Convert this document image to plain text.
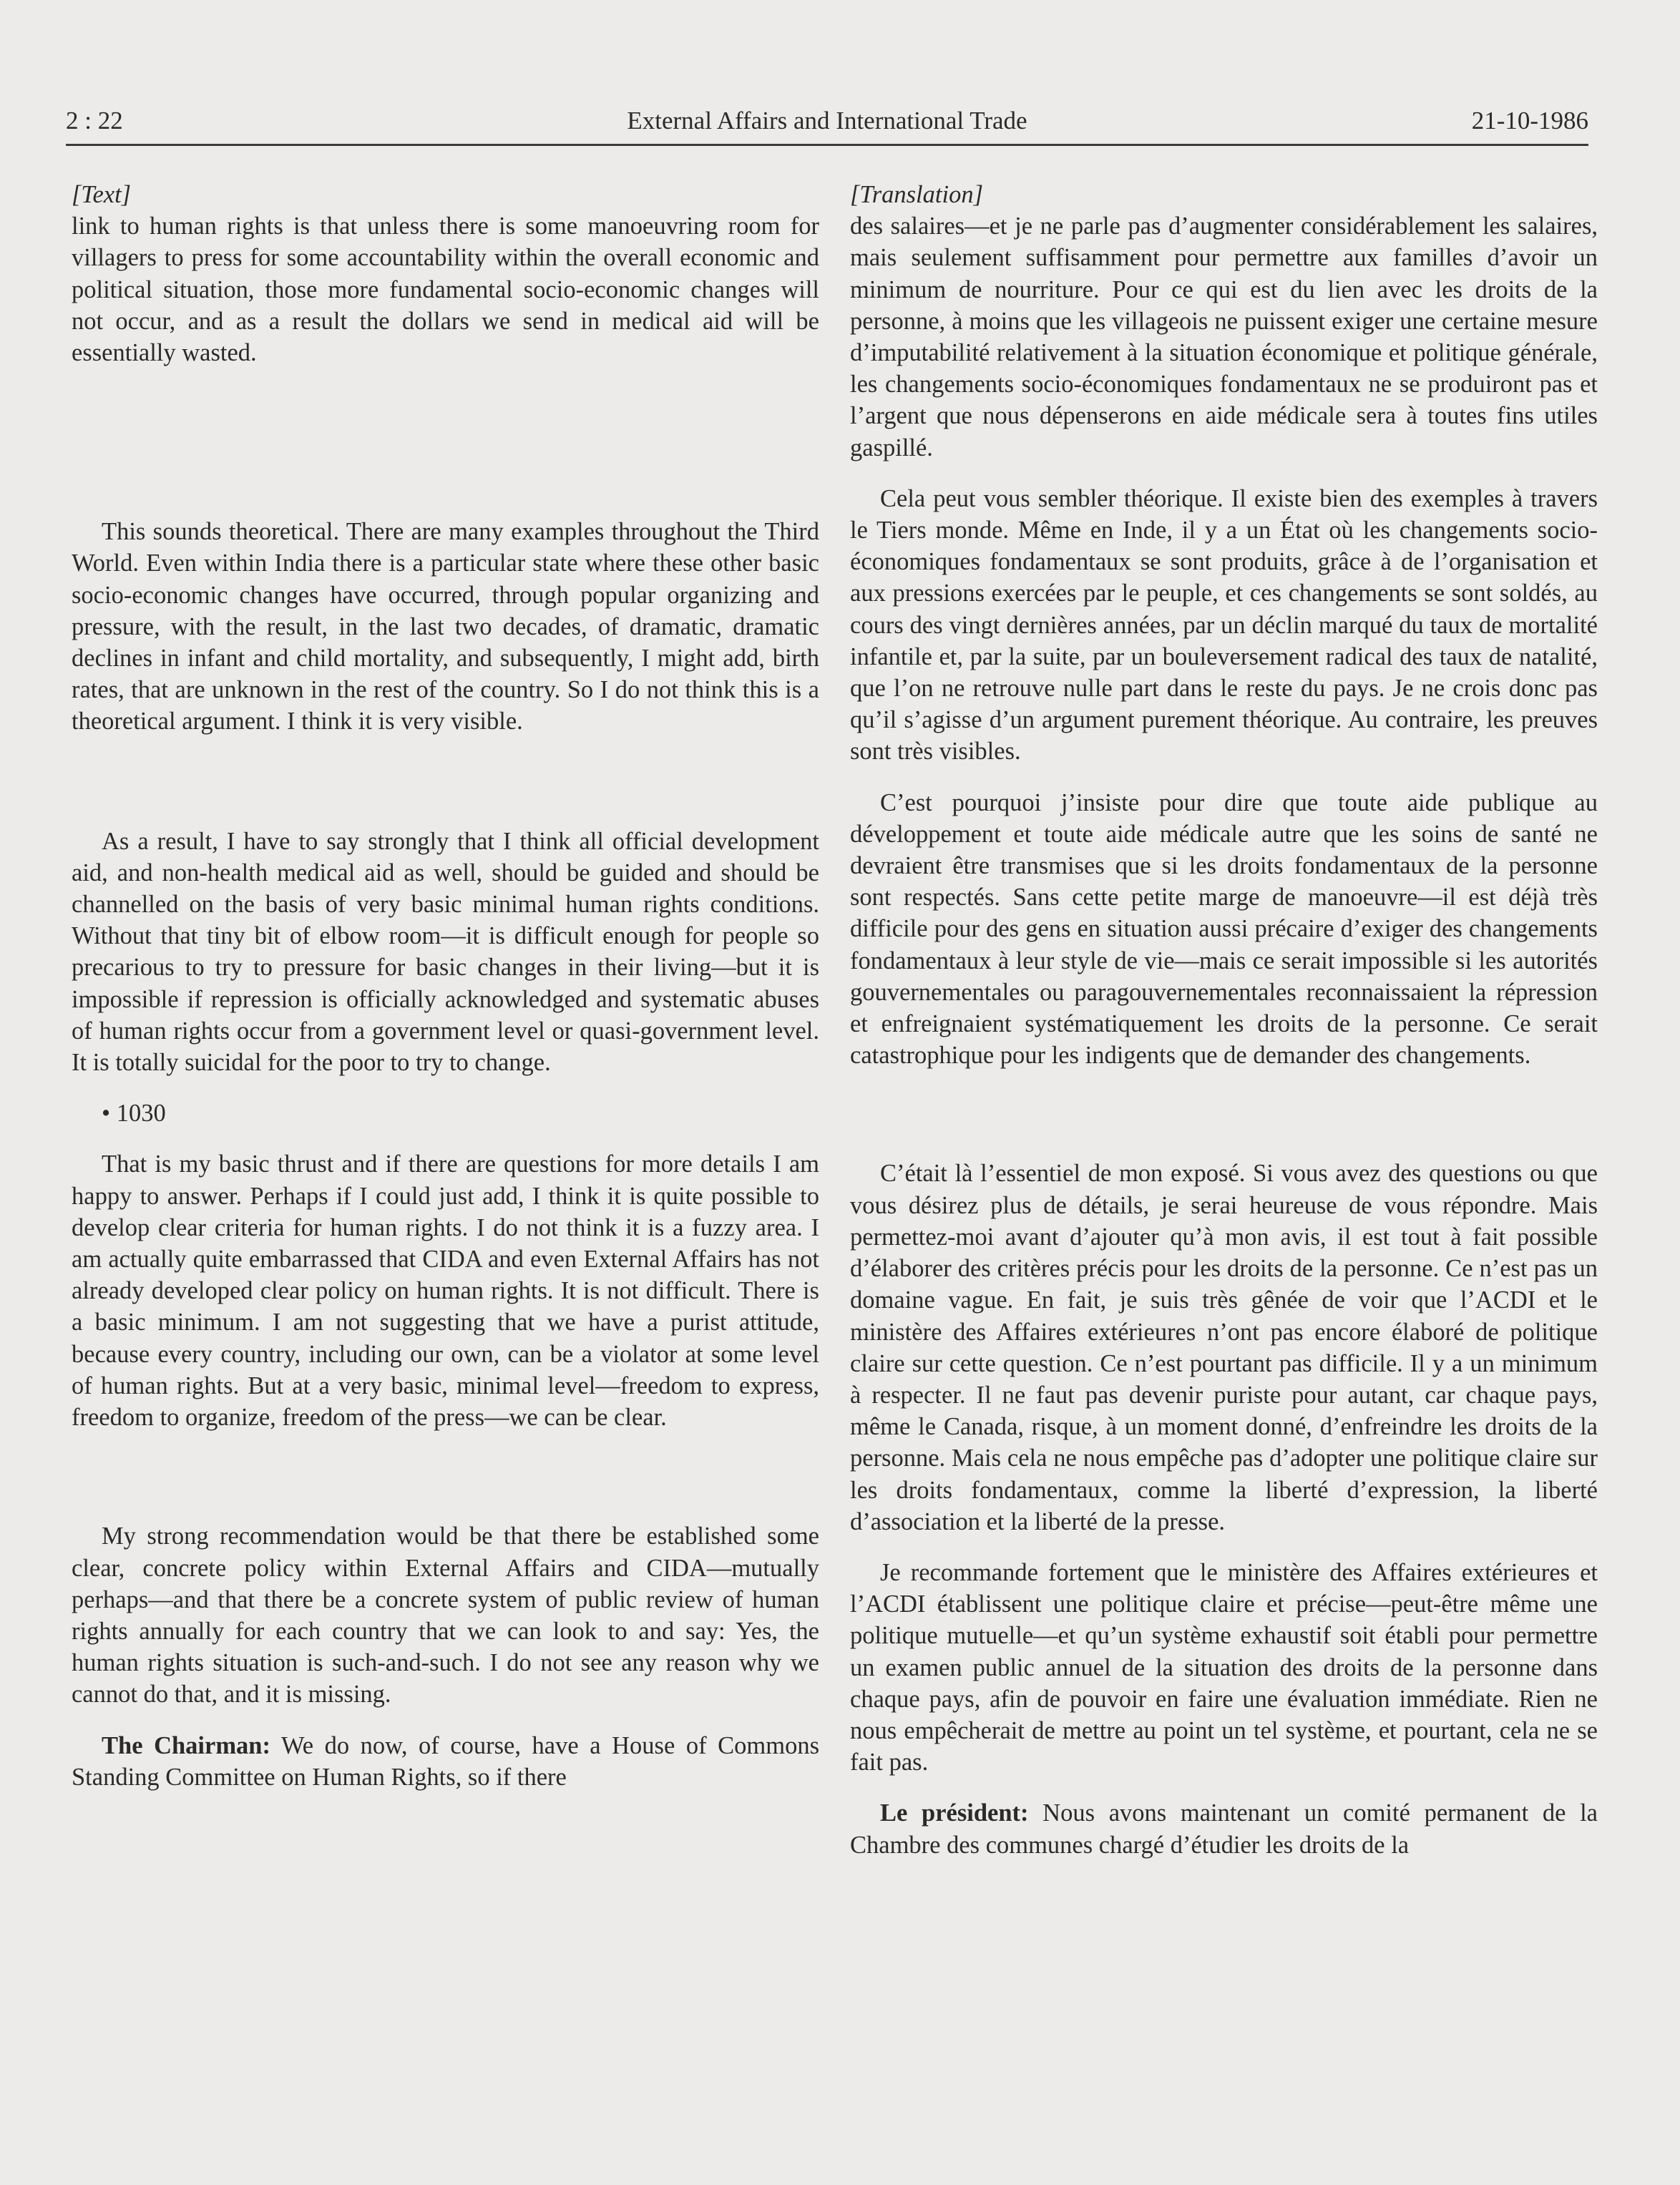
2 : 22	External Affairs and International Trade	21-10-1986
[Text]

link to human rights is that unless there is some manoeuvring room for villagers to press for some accountability within the overall economic and political situation, those more fundamental socio-economic changes will not occur, and as a result the dollars we send in medical aid will be essentially wasted.

This sounds theoretical. There are many examples throughout the Third World. Even within India there is a particular state where these other basic socio-economic changes have occurred, through popular organizing and pressure, with the result, in the last two decades, of dramatic, dramatic declines in infant and child mortality, and subsequently, I might add, birth rates, that are unknown in the rest of the country. So I do not think this is a theoretical argument. I think it is very visible.

As a result, I have to say strongly that I think all official development aid, and non-health medical aid as well, should be guided and should be channelled on the basis of very basic minimal human rights conditions. Without that tiny bit of elbow room—it is difficult enough for people so precarious to try to pressure for basic changes in their living—but it is impossible if repression is officially acknowledged and systematic abuses of human rights occur from a government level or quasi-government level. It is totally suicidal for the poor to try to change.

• 1030

That is my basic thrust and if there are questions for more details I am happy to answer. Perhaps if I could just add, I think it is quite possible to develop clear criteria for human rights. I do not think it is a fuzzy area. I am actually quite embarrassed that CIDA and even External Affairs has not already developed clear policy on human rights. It is not difficult. There is a basic minimum. I am not suggesting that we have a purist attitude, because every country, including our own, can be a violator at some level of human rights. But at a very basic, minimal level—freedom to express, freedom to organize, freedom of the press—we can be clear.

My strong recommendation would be that there be established some clear, concrete policy within External Affairs and CIDA—mutually perhaps—and that there be a concrete system of public review of human rights annually for each country that we can look to and say: Yes, the human rights situation is such-and-such. I do not see any reason why we cannot do that, and it is missing.

The Chairman: We do now, of course, have a House of Commons Standing Committee on Human Rights, so if there

[Translation]

des salaires—et je ne parle pas d’augmenter considérablement les salaires, mais seulement suffisamment pour permettre aux familles d’avoir un minimum de nourriture. Pour ce qui est du lien avec les droits de la personne, à moins que les villageois ne puissent exiger une certaine mesure d’imputabilité relativement à la situation économique et politique générale, les changements socio-économiques fondamentaux ne se produiront pas et l’argent que nous dépenserons en aide médicale sera à toutes fins utiles gaspillé.

Cela peut vous sembler théorique. Il existe bien des exemples à travers le Tiers monde. Même en Inde, il y a un État où les changements socio-économiques fondamentaux se sont produits, grâce à de l’organisation et aux pressions exercées par le peuple, et ces changements se sont soldés, au cours des vingt dernières années, par un déclin marqué du taux de mortalité infantile et, par la suite, par un bouleversement radical des taux de natalité, que l’on ne retrouve nulle part dans le reste du pays. Je ne crois donc pas qu’il s’agisse d’un argument purement théorique. Au contraire, les preuves sont très visibles.

C’est pourquoi j’insiste pour dire que toute aide publique au développement et toute aide médicale autre que les soins de santé ne devraient être transmises que si les droits fondamentaux de la personne sont respectés. Sans cette petite marge de manoeuvre—il est déjà très difficile pour des gens en situation aussi précaire d’exiger des changements fondamentaux à leur style de vie—mais ce serait impossible si les autorités gouvernementales ou paragouvernementales reconnaissaient la répression et enfreignaient systématiquement les droits de la personne. Ce serait catastrophique pour les indigents que de demander des changements.

C’était là l’essentiel de mon exposé. Si vous avez des questions ou que vous désirez plus de détails, je serai heureuse de vous répondre. Mais permettez-moi avant d’ajouter qu’à mon avis, il est tout à fait possible d’élaborer des critères précis pour les droits de la personne. Ce n’est pas un domaine vague. En fait, je suis très gênée de voir que l’ACDI et le ministère des Affaires extérieures n’ont pas encore élaboré de politique claire sur cette question. Ce n’est pourtant pas difficile. Il y a un minimum à respecter. Il ne faut pas devenir puriste pour autant, car chaque pays, même le Canada, risque, à un moment donné, d’enfreindre les droits de la personne. Mais cela ne nous empêche pas d’adopter une politique claire sur les droits fondamentaux, comme la liberté d’expression, la liberté d’association et la liberté de la presse.

Je recommande fortement que le ministère des Affaires extérieures et l’ACDI établissent une politique claire et précise—peut-être même une politique mutuelle—et qu’un système exhaustif soit établi pour permettre un examen public annuel de la situation des droits de la personne dans chaque pays, afin de pouvoir en faire une évaluation immédiate. Rien ne nous empêcherait de mettre au point un tel système, et pourtant, cela ne se fait pas.

Le président: Nous avons maintenant un comité permanent de la Chambre des communes chargé d’étudier les droits de la
